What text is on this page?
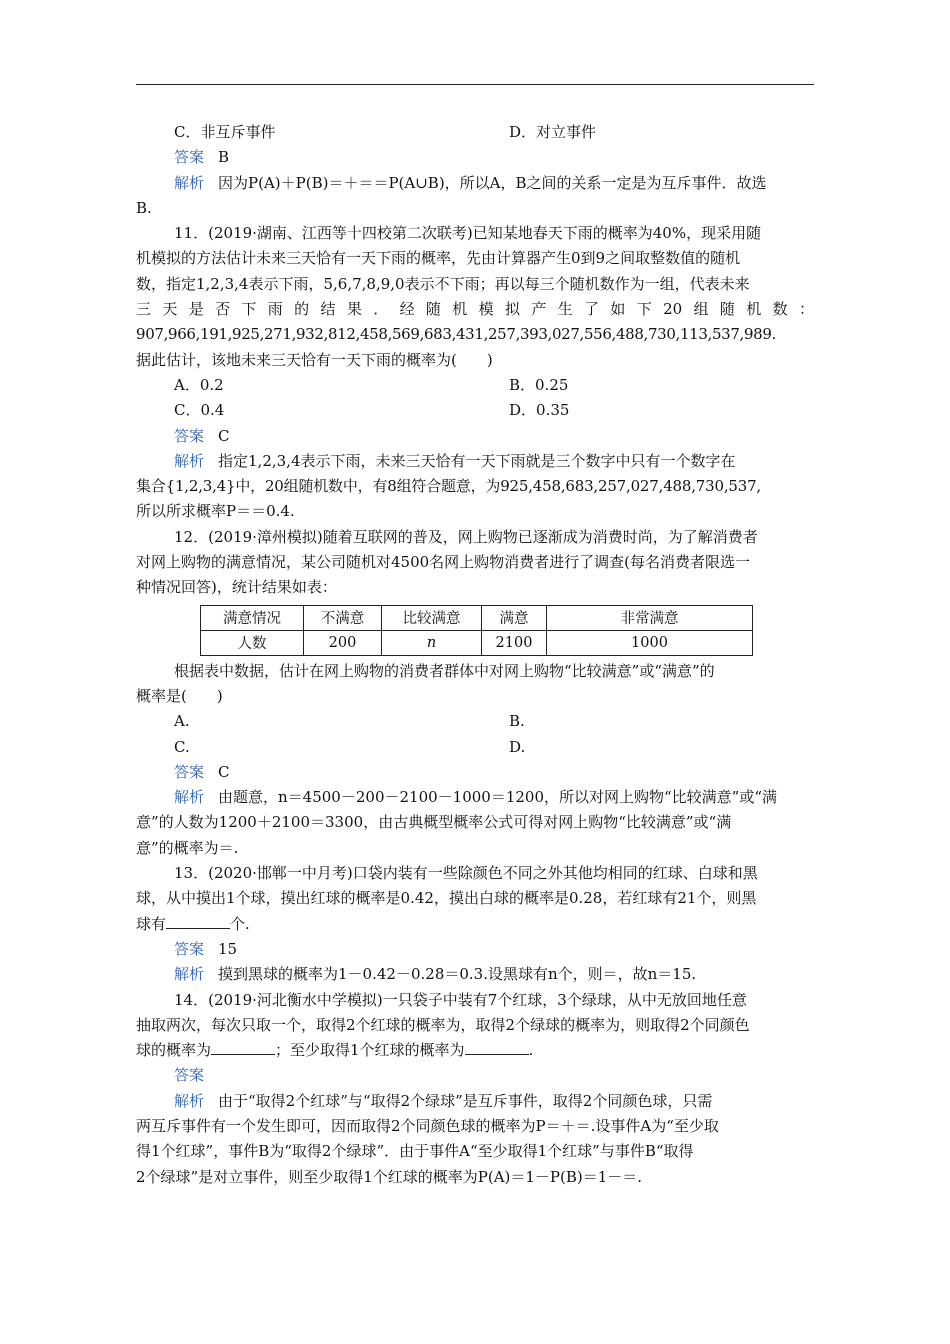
C．非互斥事件	D．对立事件

答案 B

解析 因为P(A)＋P(B)＝＋＝＝P(A∪B)，所以A，B之间的关系一定是为互斥事件．故选

B.

11．(2019·湖南、江西等十四校第二次联考)已知某地春天下雨的概率为40%，现采用随

机模拟的方法估计未来三天恰有一天下雨的概率，先由计算器产生0到9之间取整数值的随机

数，指定1,2,3,4表示下雨，5,6,7,8,9,0表示不下雨；再以每三个随机数作为一组，代表未来

三天是否下雨的结果．经随机模拟产生了如下20组随机数：

907,966,191,925,271,932,812,458,569,683,431,257,393,027,556,488,730,113,537,989.

据此估计，该地未来三天恰有一天下雨的概率为(　　)

A．0.2	B．0.25
C．0.4	D．0.35

答案 C

解析 指定1,2,3,4表示下雨，未来三天恰有一天下雨就是三个数字中只有一个数字在

集合{1,2,3,4}中，20组随机数中，有8组符合题意，为925,458,683,257,027,488,730,537,

所以所求概率P＝＝0.4.

12．(2019·漳州模拟)随着互联网的普及，网上购物已逐渐成为消费时尚，为了解消费者

对网上购物的满意情况，某公司随机对4500名网上购物消费者进行了调查(每名消费者限选一

种情况回答)，统计结果如表：

满意情况	不满意	比较满意	满意	非常满意
人数	200	n	2100	1000

根据表中数据，估计在网上购物的消费者群体中对网上购物“比较满意”或“满意”的

概率是(　　)

A.	B.
C.	D.

答案 C

解析 由题意，n＝4500－200－2100－1000＝1200，所以对网上购物“比较满意”或“满

意”的人数为1200＋2100＝3300，由古典概型概率公式可得对网上购物“比较满意”或“满

意”的概率为＝.

13．(2020·邯郸一中月考)口袋内装有一些除颜色不同之外其他均相同的红球、白球和黑

球，从中摸出1个球，摸出红球的概率是0.42，摸出白球的概率是0.28，若红球有21个，则黑

球有	个.

答案 15

解析 摸到黑球的概率为1－0.42－0.28＝0.3.设黑球有n个，则＝，故n＝15.

14．(2019·河北衡水中学模拟)一只袋子中装有7个红球，3个绿球，从中无放回地任意

抽取两次，每次只取一个，取得2个红球的概率为，取得2个绿球的概率为，则取得2个同颜色

球的概率为	；至少取得1个红球的概率为	.

答案

解析 由于“取得2个红球”与“取得2个绿球”是互斥事件，取得2个同颜色球，只需

两互斥事件有一个发生即可，因而取得2个同颜色球的概率为P＝＋＝.设事件A为“至少取

得1个红球”，事件B为“取得2个绿球”．由于事件A“至少取得1个红球”与事件B“取得

2个绿球”是对立事件，则至少取得1个红球的概率为P(A)＝1－P(B)＝1－＝.
